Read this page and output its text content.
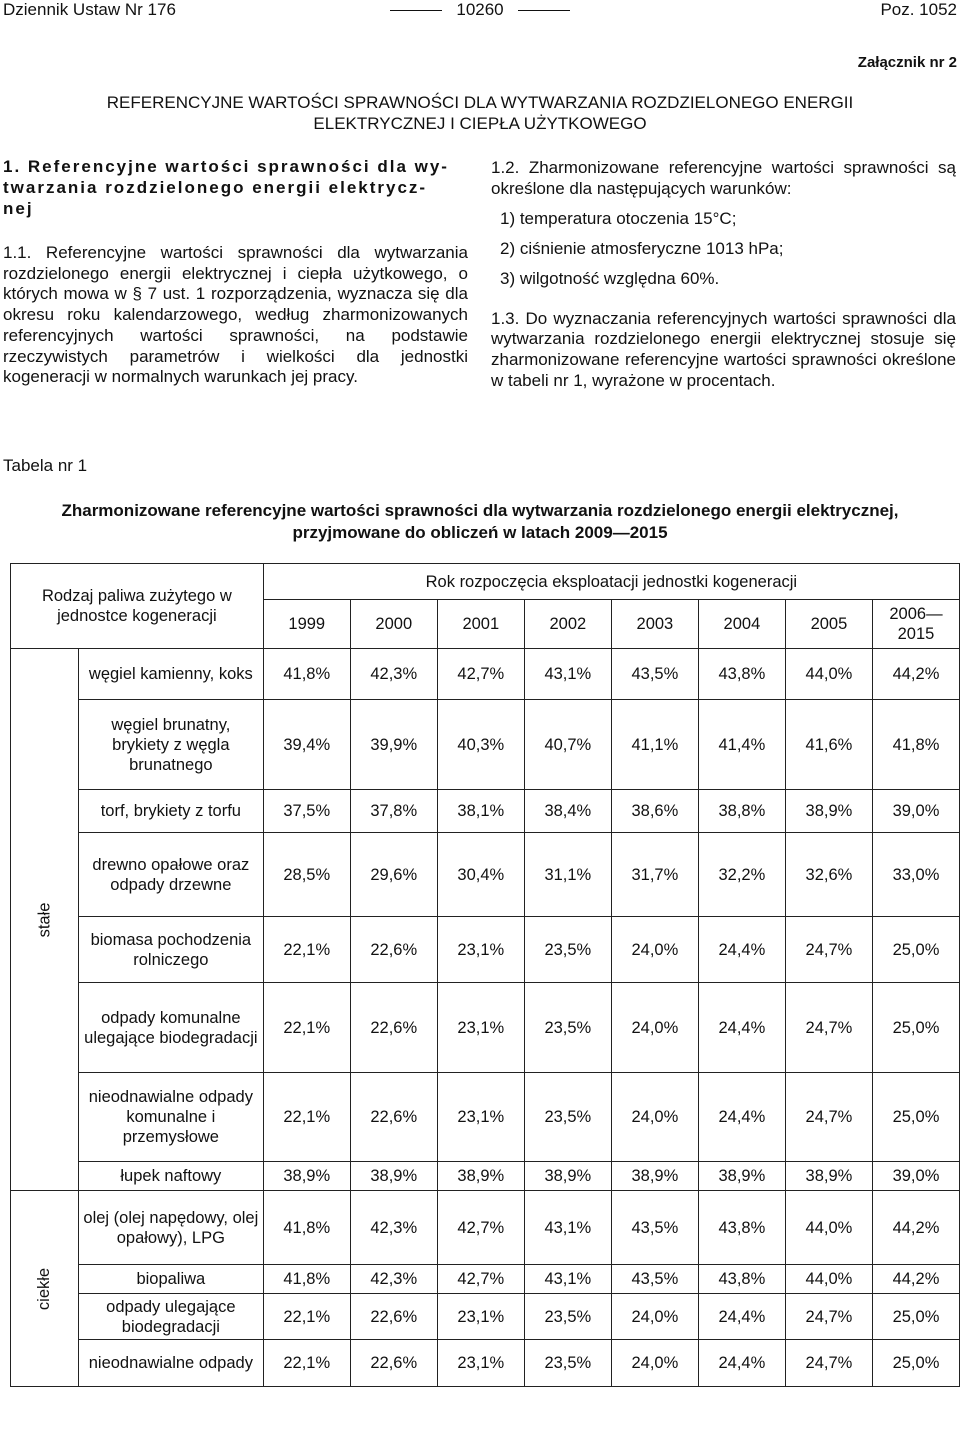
Dziennik Ustaw Nr 176	10260	Poz. 1052
Załącznik nr 2
REFERENCYJNE WARTOŚCI SPRAWNOŚCI DLA WYTWARZANIA ROZDZIELONEGO ENERGII
ELEKTRYCZNEJ I CIEPŁA UŻYTKOWEGO
1. Referencyjne wartości sprawności dla wy-
twarzania rozdzielonego energii elektrycz-
nej

1.1. Referencyjne wartości sprawności dla wytwarzania rozdzielonego energii elektrycznej i ciepła użytkowego, o których mowa w § 7 ust. 1 rozporządzenia, wyznacza się dla okresu roku kalendarzowego, według zharmonizowanych referencyjnych wartości sprawności, na podstawie rzeczywistych parametrów i wielkości dla jednostki kogeneracji w normalnych warunkach jej pracy.

1.2. Zharmonizowane referencyjne wartości sprawności są określone dla następujących warunków:

1) temperatura otoczenia 15°C;

2) ciśnienie atmosferyczne 1013 hPa;

3) wilgotność względna 60%.

1.3. Do wyznaczania referencyjnych wartości sprawności dla wytwarzania rozdzielonego energii elektrycznej stosuje się zharmonizowane referencyjne wartości sprawności określone w tabeli nr 1, wyrażone w procentach.

Tabela nr 1
Zharmonizowane referencyjne wartości sprawności dla wytwarzania rozdzielonego energii elektrycznej,
przyjmowane do obliczeń w latach 2009—2015
Rodzaj paliwa zużytego w jednostce kogeneracji		Rok rozpoczęcia eksploatacji jednostki kogeneracji							
		1999	2000	2001	2002	2003	2004	2005	2006—2015
stałe	węgiel kamienny, koks	41,8%	42,3%	42,7%	43,1%	43,5%	43,8%	44,0%	44,2%
	węgiel brunatny, brykiety z węgla brunatnego	39,4%	39,9%	40,3%	40,7%	41,1%	41,4%	41,6%	41,8%
	torf, brykiety z torfu	37,5%	37,8%	38,1%	38,4%	38,6%	38,8%	38,9%	39,0%
	drewno opałowe oraz odpady drzewne	28,5%	29,6%	30,4%	31,1%	31,7%	32,2%	32,6%	33,0%
	biomasa pochodzenia rolniczego	22,1%	22,6%	23,1%	23,5%	24,0%	24,4%	24,7%	25,0%
	odpady komunalne ulegające biodegradacji	22,1%	22,6%	23,1%	23,5%	24,0%	24,4%	24,7%	25,0%
	nieodnawialne odpady komunalne i przemysłowe	22,1%	22,6%	23,1%	23,5%	24,0%	24,4%	24,7%	25,0%
	łupek naftowy	38,9%	38,9%	38,9%	38,9%	38,9%	38,9%	38,9%	39,0%
ciekłe	olej (olej napędowy, olej opałowy), LPG	41,8%	42,3%	42,7%	43,1%	43,5%	43,8%	44,0%	44,2%
	biopaliwa	41,8%	42,3%	42,7%	43,1%	43,5%	43,8%	44,0%	44,2%
	odpady ulegające biodegradacji	22,1%	22,6%	23,1%	23,5%	24,0%	24,4%	24,7%	25,0%
	nieodnawialne odpady	22,1%	22,6%	23,1%	23,5%	24,0%	24,4%	24,7%	25,0%
